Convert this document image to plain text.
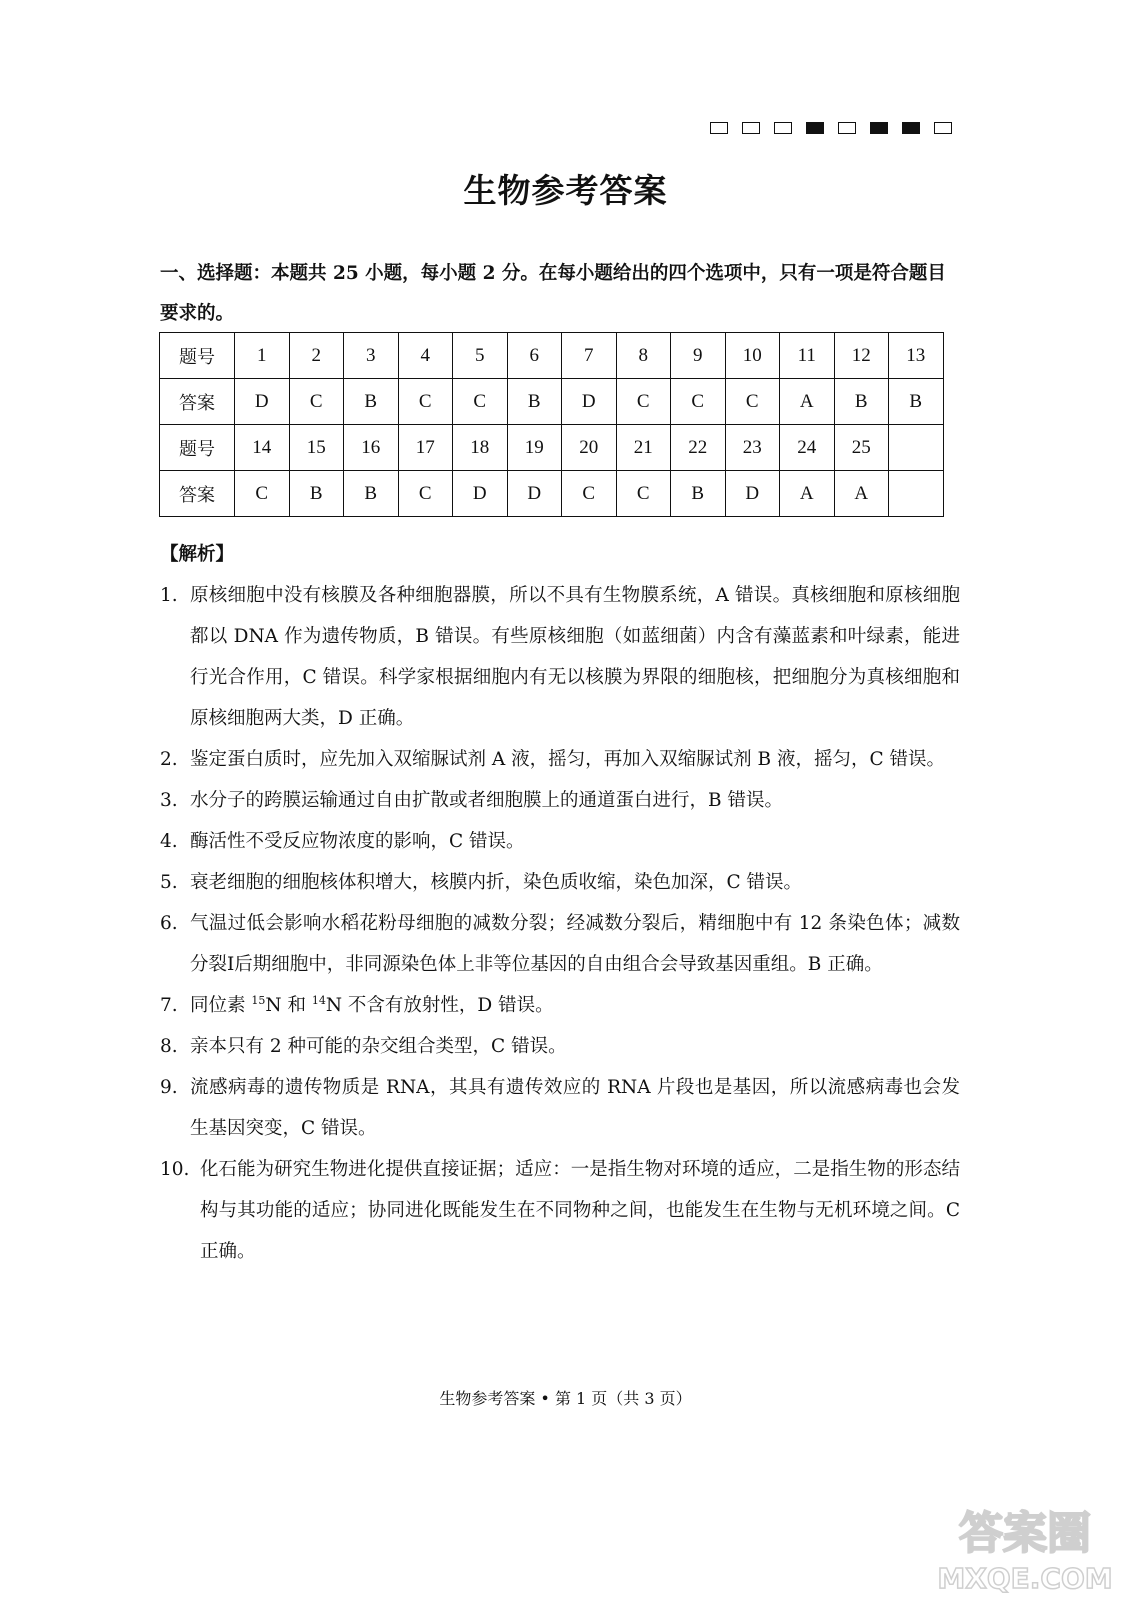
生物参考答案
一、选择题：本题共 25 小题，每小题 2 分。在每小题给出的四个选项中，只有一项是符合题目要求的。
题号	1	2	3	4	5	6	7	8	9	10	11	12	13
答案	D	C	B	C	C	B	D	C	C	C	A	B	B
题号	14	15	16	17	18	19	20	21	22	23	24	25	
答案	C	B	B	C	D	D	C	C	B	D	A	A	
【解析】
1. 原核细胞中没有核膜及各种细胞器膜，所以不具有生物膜系统，A 错误。真核细胞和原核细胞都以 DNA 作为遗传物质，B 错误。有些原核细胞（如蓝细菌）内含有藻蓝素和叶绿素，能进行光合作用，C 错误。科学家根据细胞内有无以核膜为界限的细胞核，把细胞分为真核细胞和原核细胞两大类，D 正确。
2. 鉴定蛋白质时，应先加入双缩脲试剂 A 液，摇匀，再加入双缩脲试剂 B 液，摇匀，C 错误。
3. 水分子的跨膜运输通过自由扩散或者细胞膜上的通道蛋白进行，B 错误。
4. 酶活性不受反应物浓度的影响，C 错误。
5. 衰老细胞的细胞核体积增大，核膜内折，染色质收缩，染色加深，C 错误。
6. 气温过低会影响水稻花粉母细胞的减数分裂；经减数分裂后，精细胞中有 12 条染色体；减数分裂Ⅰ后期细胞中，非同源染色体上非等位基因的自由组合会导致基因重组。B 正确。
7. 同位素 $^{15}$N 和 $^{14}$N 不含有放射性，D 错误。
8. 亲本只有 2 种可能的杂交组合类型，C 错误。
9. 流感病毒的遗传物质是 RNA，其具有遗传效应的 RNA 片段也是基因，所以流感病毒也会发生基因突变，C 错误。
10. 化石能为研究生物进化提供直接证据；适应：一是指生物对环境的适应，二是指生物的形态结构与其功能的适应；协同进化既能发生在不同物种之间，也能发生在生物与无机环境之间。C 正确。
生物参考答案 • 第 1 页（共 3 页）
答案圈
MXQE.COM
